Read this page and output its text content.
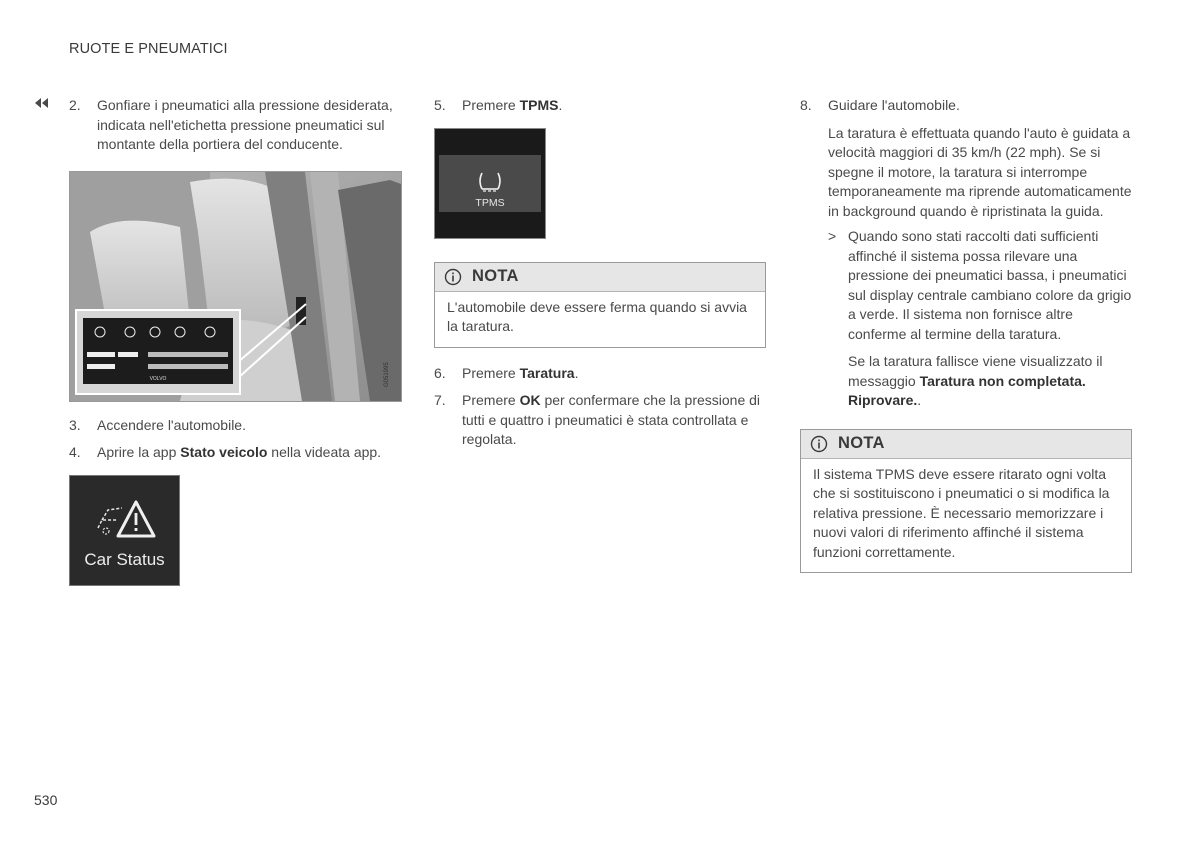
RUOTE E PNEUMATICI
2. Gonfiare i pneumatici alla pressione desiderata, indicata nell'etichetta pressione pneumatici sul montante della portiera del conducente.
VOLVO	G051995
3. Accendere l'automobile.
4. Aprire la app Stato veicolo nella videata app.
Car Status
5. Premere TPMS.
TPMS
NOTA
L'automobile deve essere ferma quando si avvia la taratura.
6. Premere Taratura.
7. Premere OK per confermare che la pressione di tutti e quattro i pneumatici è stata controllata e regolata.
8. Guidare l'automobile.
La taratura è effettuata quando l'auto è guidata a velocità maggiori di 35 km/h (22 mph). Se si spegne il motore, la taratura si interrompe temporaneamente ma riprende automaticamente in background quando è ripristinata la guida.
> Quando sono stati raccolti dati sufficienti affinché il sistema possa rilevare una pressione dei pneumatici bassa, i pneumatici sul display centrale cambiano colore da grigio a verde. Il sistema non fornisce altre conferme al termine della taratura.
Se la taratura fallisce viene visualizzato il messaggio Taratura non completata. Riprovare..
NOTA
Il sistema TPMS deve essere ritarato ogni volta che si sostituiscono i pneumatici o si modifica la relativa pressione. È necessario memorizzare i nuovi valori di riferimento affinché il sistema funzioni correttamente.
530
